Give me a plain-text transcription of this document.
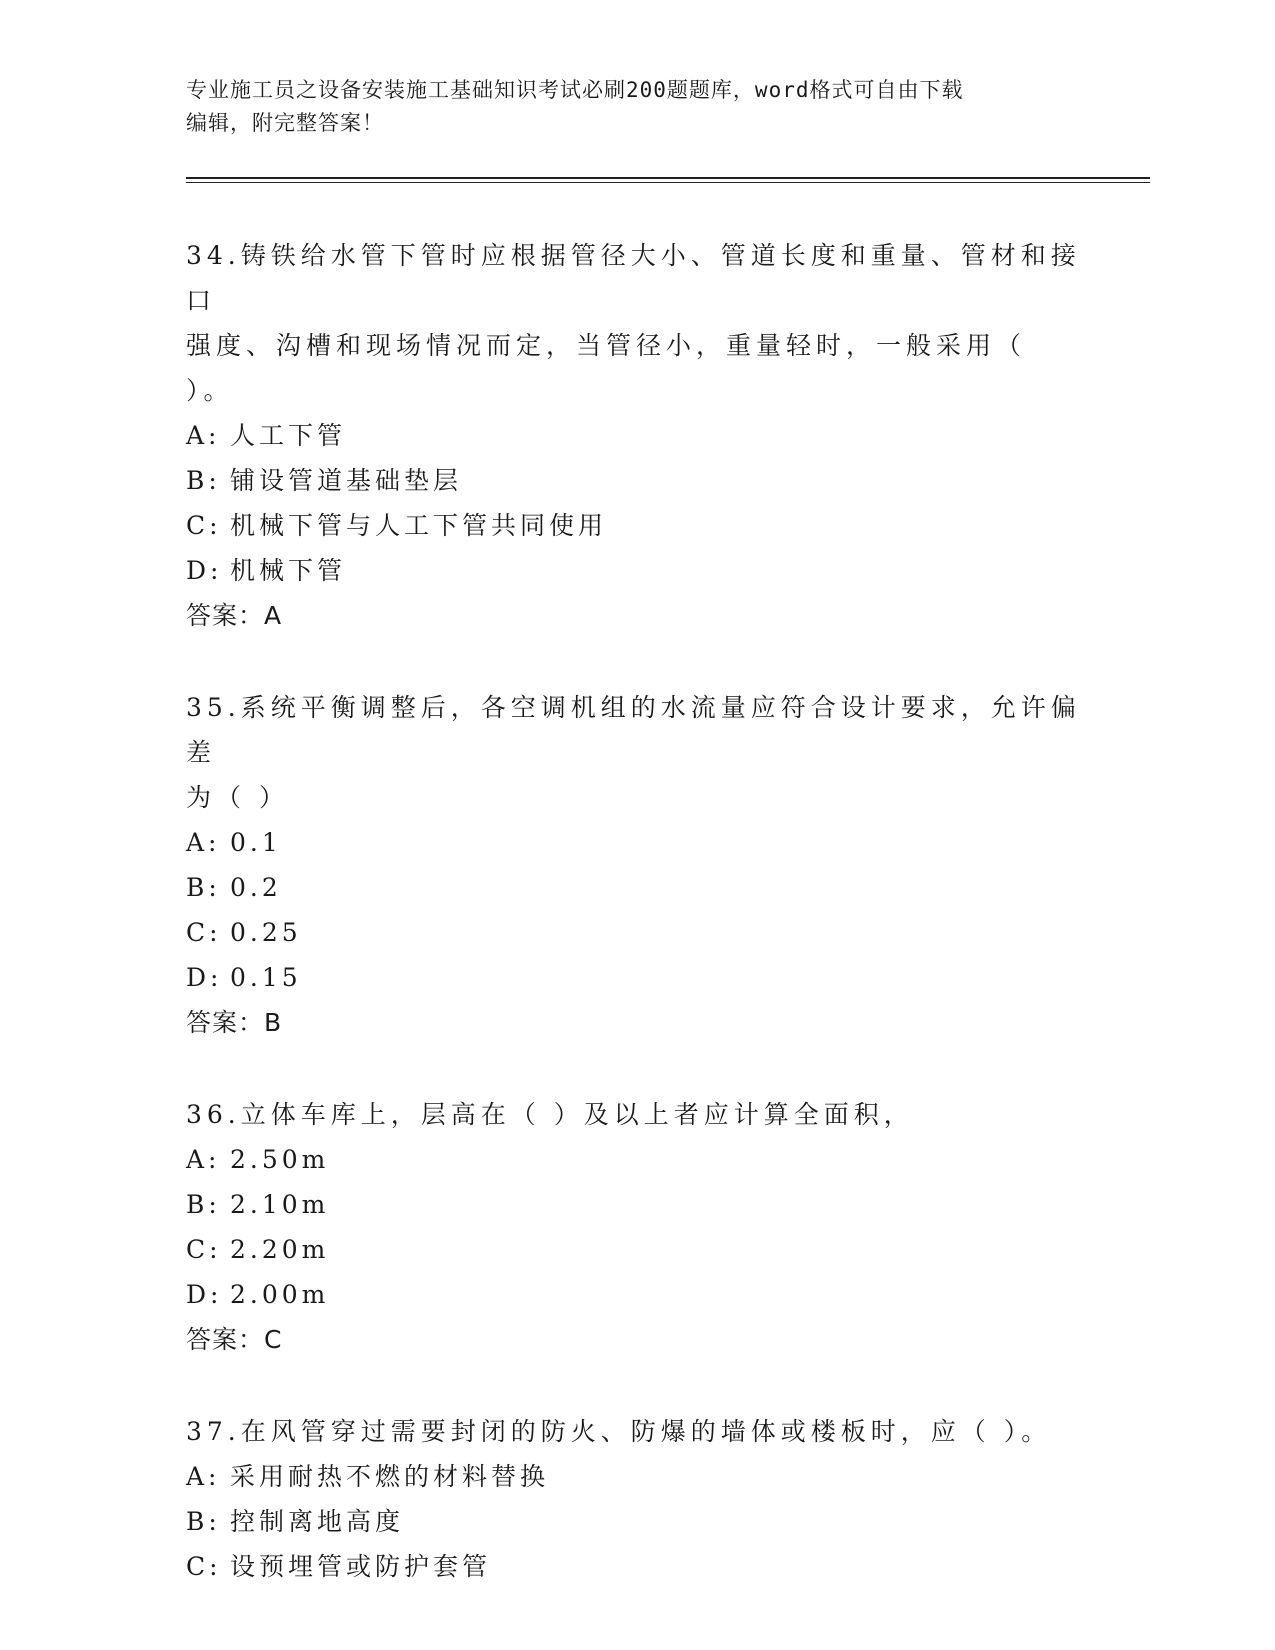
专业施工员之设备安装施工基础知识考试必刷200题题库，word格式可自由下载
编辑，附完整答案！
34.铸铁给水管下管时应根据管径大小、管道长度和重量、管材和接口
强度、沟槽和现场情况而定，当管径小，重量轻时，一般采用（ ）。
A: 人工下管
B: 铺设管道基础垫层
C: 机械下管与人工下管共同使用
D: 机械下管
答案：A
35.系统平衡调整后，各空调机组的水流量应符合设计要求，允许偏差
为（ ）
A: 0.1
B: 0.2
C: 0.25
D: 0.15
答案：B
36.立体车库上，层高在（ ）及以上者应计算全面积，
A: 2.50m
B: 2.10m
C: 2.20m
D: 2.00m
答案：C
37.在风管穿过需要封闭的防火、防爆的墙体或楼板时，应（ ）。
A: 采用耐热不燃的材料替换
B: 控制离地高度
C: 设预埋管或防护套管
